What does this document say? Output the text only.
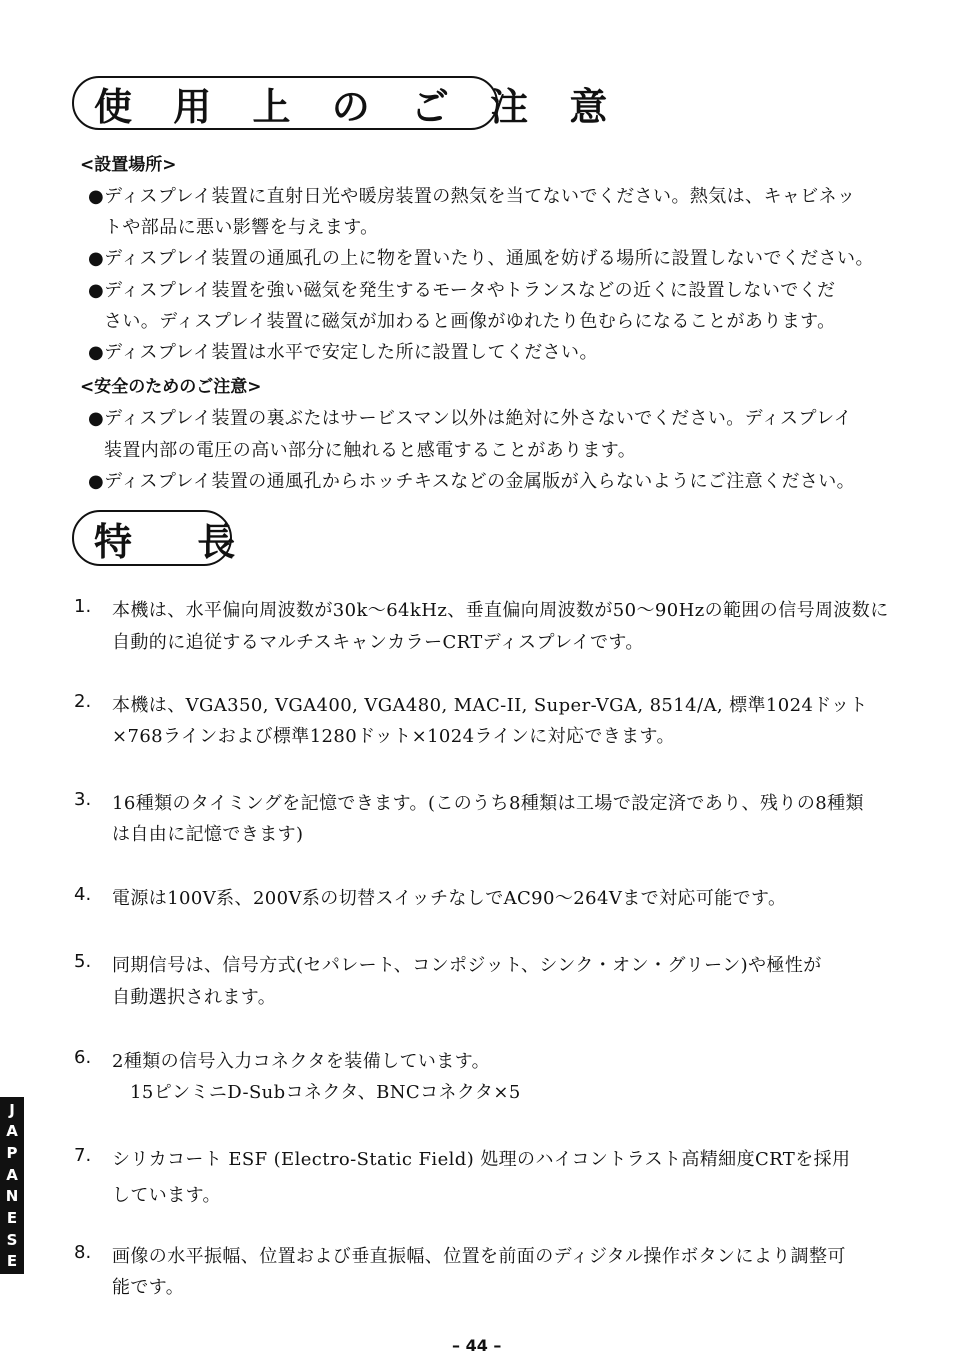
使 用 上 の ご 注 意
<設置場所>
●ディスプレイ装置に直射日光や暖房装置の熱気を当てないでください。熱気は、キャビネッ
トや部品に悪い影響を与えます。
●ディスプレイ装置の通風孔の上に物を置いたり、通風を妨げる場所に設置しないでください。
●ディスプレイ装置を強い磁気を発生するモータやトランスなどの近くに設置しないでくだ
さい。ディスプレイ装置に磁気が加わると画像がゆれたり色むらになることがあります。
●ディスプレイ装置は水平で安定した所に設置してください。
<安全のためのご注意>
●ディスプレイ装置の裏ぶたはサービスマン以外は絶対に外さないでください。ディスプレイ
装置内部の電圧の高い部分に触れると感電することがあります。
●ディスプレイ装置の通風孔からホッチキスなどの金属版が入らないようにご注意ください。
特 長
1. 本機は、水平偏向周波数が30k〜64kHz、垂直偏向周波数が50〜90Hzの範囲の信号周波数に
自動的に追従するマルチスキャンカラーCRTディスプレイです。
2. 本機は、VGA350, VGA400, VGA480, MAC-II, Super-VGA, 8514/A, 標準1024ドット
×768ラインおよび標準1280ドット×1024ラインに対応できます。
3. 16種類のタイミングを記憶できます。(このうち8種類は工場で設定済であり、残りの8種類
は自由に記憶できます)
4. 電源は100V系、200V系の切替スイッチなしでAC90〜264Vまで対応可能です。
5. 同期信号は、信号方式(セパレート、コンポジット、シンク・オン・グリーン)や極性が
自動選択されます。
6. 2種類の信号入力コネクタを装備しています。
15ピンミニD-Subコネクタ、BNCコネクタ×5
7. シリカコート ESF (Electro-Static Field) 処理のハイコントラスト高精細度CRTを採用
しています。
8. 画像の水平振幅、位置および垂直振幅、位置を前面のディジタル操作ボタンにより調整可
能です。
J
A
P
A
N
E
S
E
– 44 –
